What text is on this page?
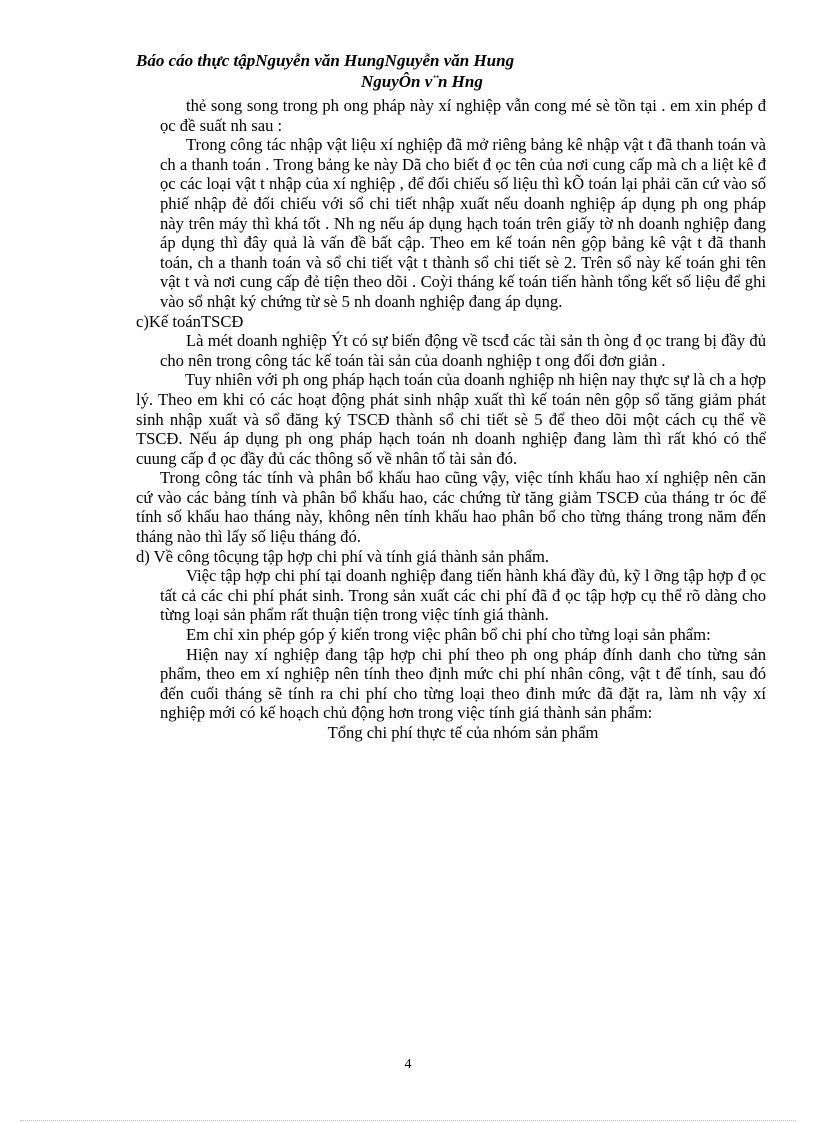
Báo cáo thực tậpNguyễn văn HungNguyễn văn Hung

NguyÔn v¨n Hng

thẻ song song trong ph ong pháp này xí nghiệp vẫn cong mé sè tồn tại . em xin phép đ ọc đề suất nh sau :

Trong công tác nhập vật liệu xí nghiệp đã mở riêng bảng kê nhập vật t đã thanh toán và ch a thanh toán . Trong bảng ke này Dã cho biết đ ọc tên của nơi cung cấp mà ch a liệt kê đ ọc các loại vật t nhập của xí nghiệp , để đối chiếu số liệu thì kÕ toán lại phải căn cứ vào số phiế nhập đẻ đối chiếu với sổ chi tiết nhập xuất nếu doanh nghiệp áp dụng ph ong pháp này trên máy thì khá tốt . Nh ng nếu áp dụng hạch toán trên giấy tờ nh doanh nghiệp đang áp dụng thì đây quả là vấn đề bất cập. Theo em kế toán nên gộp bảng kê vật t đã thanh toán, ch a thanh toán và sổ chi tiết vật t thành sổ chi tiết sè 2. Trên sổ này kế toán ghi tên vật t và nơi cung cấp đẻ tiện theo dõi . Coỳi tháng kế toán tiến hành tổng kết số liệu để ghi vào sổ nhật ký chứng từ sè 5 nh doanh nghiệp đang áp dụng.

c)Kế toánTSCĐ

Là mét doanh nghiệp Ýt có sự biến động về tscđ các tài sản th òng đ ọc trang bị đầy đủ cho nên trong công tác kế toán tài sản của doanh nghiệp t ong đối đơn giản .

Tuy nhiên với ph ong pháp hạch toán của doanh nghiệp nh hiện nay thực sự là ch a hợp lý. Theo em khi có các hoạt động phát sinh nhập xuất thì kế toán nên gộp sổ tăng giảm phát sinh nhập xuất và sổ đăng ký TSCĐ thành sổ chi tiết sè 5 để theo dõi một cách cụ thể về TSCĐ. Nếu áp dụng ph ong pháp hạch toán nh doanh nghiệp đang làm thì rất khó có thể cuung cấp đ ọc đầy đủ các thông số về nhân tố tài sản đó.

Trong công tác tính và phân bổ khấu hao cũng vậy, việc tính khấu hao xí nghiệp nên căn cứ vào các bảng tính và phân bổ khấu hao, các chứng từ tăng giảm TSCĐ của tháng tr óc để tính số khấu hao tháng này, không nên tính khấu hao phân bổ cho từng tháng trong năm đến tháng nào thì lấy số liệu tháng đó.

d) Về công tôcụng tập hợp chi phí và tính giá thành sản phẩm.

Việc tập hợp chi phí tại doanh nghiệp đang tiến hành khá đầy đủ, kỹ l ỡng tập hợp đ ọc tất cả các chi phí phát sinh. Trong sản xuất các chi phí đã đ ọc tập hợp cụ thể rõ dàng cho từng loại sản phẩm rất thuận tiện trong việc tính giá thành.

Em chỉ xin phép góp ý kiến trong việc phân bổ chi phí cho từng loại sản phẩm:

Hiện nay xí nghiệp đang tập hợp chi phí theo ph ong pháp đính danh cho từng sản phẩm, theo em xí nghiệp nên tính theo định mức chi phí nhân công, vật t để tính, sau đó đến cuối tháng sẽ tính ra chi phí cho từng loại theo đinh mức đã đặt ra, làm nh vậy xí nghiệp mới có kế hoạch chủ động hơn trong việc tính giá thành sản phẩm:

Tổng chi phí thực tế của nhóm sản phẩm

4
